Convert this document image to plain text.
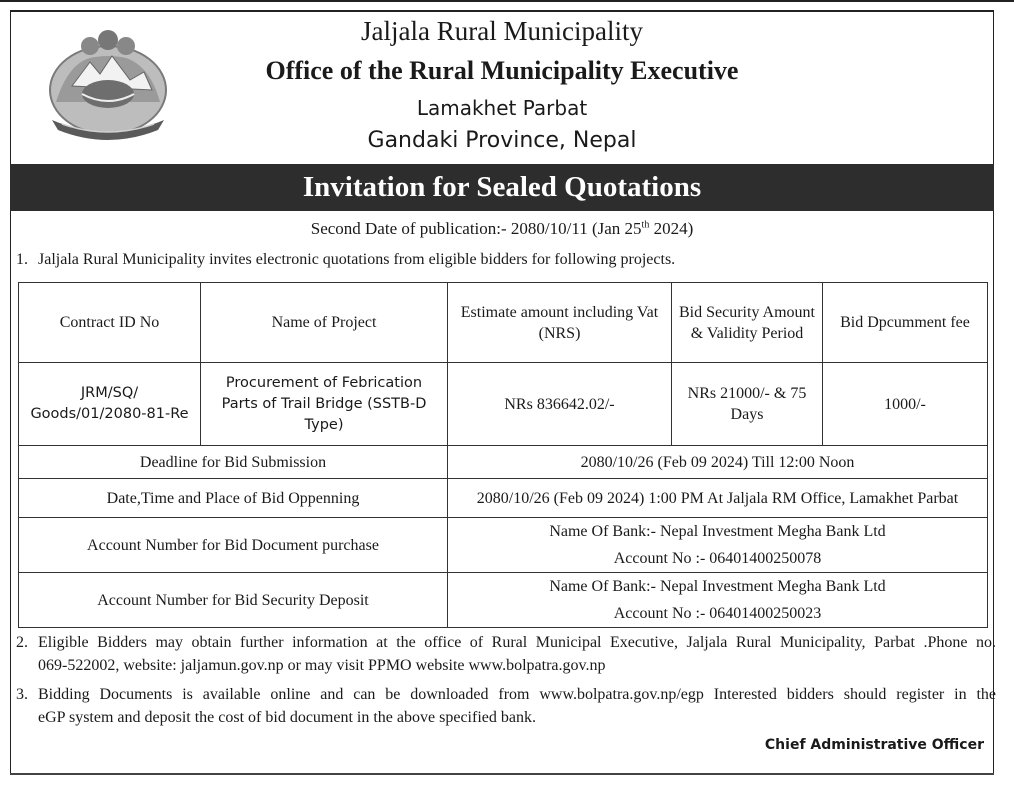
Jaljala Rural Municipality
Office of the Rural Municipality Executive
Lamakhet Parbat
Gandaki Province, Nepal
Invitation for Sealed Quotations
Second Date of publication:- 2080/10/11 (Jan 25th 2024)
1. Jaljala Rural Municipality invites electronic quotations from eligible bidders for following projects.
Contract ID No	Name of Project	Estimate amount including Vat (NRS)	Bid Security Amount & Validity Period	Bid Dpcumment fee
JRM/SQ/ Goods/01/2080-81-Re	Procurement of Febrication Parts of Trail Bridge (SSTB-D Type)	NRs 836642.02/-	NRs 21000/- & 75 Days	1000/-
Deadline for Bid Submission		2080/10/26 (Feb 09 2024) Till 12:00 Noon		
Date,Time and Place of Bid Oppenning		2080/10/26 (Feb 09 2024) 1:00 PM At Jaljala RM Office, Lamakhet Parbat		
Account Number for Bid Document purchase		Name Of Bank:- Nepal Investment Megha Bank Ltd
Account No :- 06401400250078		

Account Number for Bid Security Deposit		Name Of Bank:- Nepal Investment Megha Bank Ltd
Account No :- 06401400250023		
2. Eligible Bidders may obtain further information at the office of Rural Municipal Executive, Jaljala Rural Municipality, Parbat .Phone no.
069-522002, website: jaljamun.gov.np or may visit PPMO website www.bolpatra.gov.np
3. Bidding Documents is available online and can be downloaded from www.bolpatra.gov.np/egp Interested bidders should register in the
eGP system and deposit the cost of bid document in the above specified bank.
Chief Administrative Officer
